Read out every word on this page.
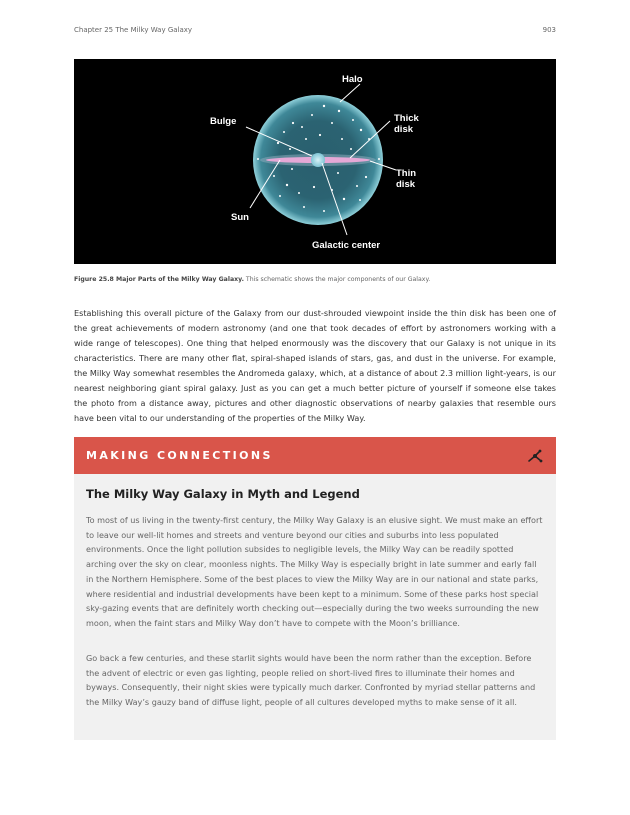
Chapter 25 The Milky Way Galaxy	903
Halo
Bulge	Thick
disk
Thin
disk
Sun
Galactic center
Figure 25.8 Major Parts of the Milky Way Galaxy. This schematic shows the major components of our Galaxy.

Establishing this overall picture of the Galaxy from our dust-shrouded viewpoint inside the thin disk has been one of the great achievements of modern astronomy (and one that took decades of effort by astronomers working with a wide range of telescopes). One thing that helped enormously was the discovery that our Galaxy is not unique in its characteristics. There are many other flat, spiral-shaped islands of stars, gas, and dust in the universe. For example, the Milky Way somewhat resembles the Andromeda galaxy, which, at a distance of about 2.3 million light-years, is our nearest neighboring giant spiral galaxy. Just as you can get a much better picture of yourself if someone else takes the photo from a distance away, pictures and other diagnostic observations of nearby galaxies that resemble ours have been vital to our understanding of the properties of the Milky Way.

MAKING CONNECTIONS
The Milky Way Galaxy in Myth and Legend

To most of us living in the twenty-first century, the Milky Way Galaxy is an elusive sight. We must make an effort to leave our well-lit homes and streets and venture beyond our cities and suburbs into less populated environments. Once the light pollution subsides to negligible levels, the Milky Way can be readily spotted arching over the sky on clear, moonless nights. The Milky Way is especially bright in late summer and early fall in the Northern Hemisphere. Some of the best places to view the Milky Way are in our national and state parks, where residential and industrial developments have been kept to a minimum. Some of these parks host special sky-gazing events that are definitely worth checking out—especially during the two weeks surrounding the new moon, when the faint stars and Milky Way don’t have to compete with the Moon’s brilliance.

Go back a few centuries, and these starlit sights would have been the norm rather than the exception. Before the advent of electric or even gas lighting, people relied on short-lived fires to illuminate their homes and byways. Consequently, their night skies were typically much darker. Confronted by myriad stellar patterns and the Milky Way’s gauzy band of diffuse light, people of all cultures developed myths to make sense of it all.
